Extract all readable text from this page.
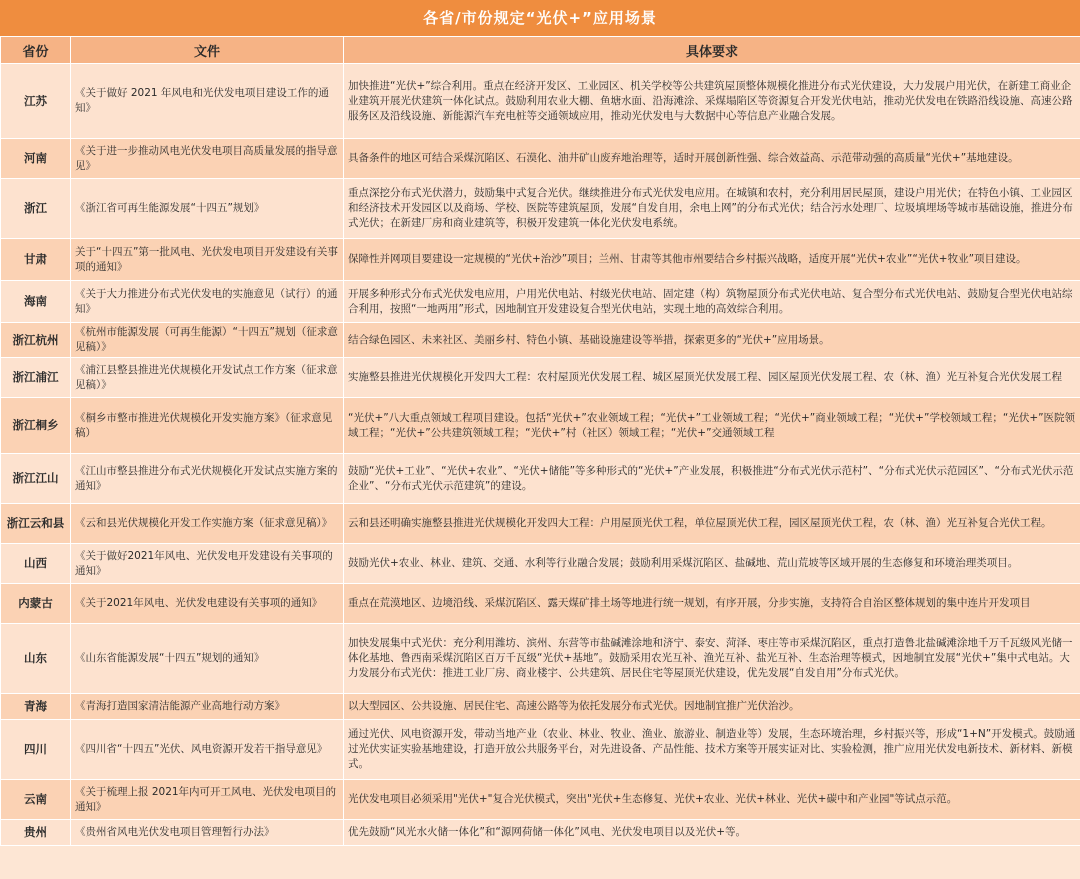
各省/市份规定“光伏+”应用场景
省份	文件	具体要求
江苏	《关于做好 2021 年风电和光伏发电项目建设工作的通知》	加快推进“光伏+”综合利用。重点在经济开发区、工业园区、机关学校等公共建筑屋顶整体规模化推进分布式光伏建设，大力发展户用光伏，在新建工商业企业建筑开展光伏建筑一体化试点。鼓励利用农业大棚、鱼塘水面、沿海滩涂、采煤塌陷区等资源复合开发光伏电站，推动光伏发电在铁路沿线设施、高速公路服务区及沿线设施、新能源汽车充电桩等交通领域应用，推动光伏发电与大数据中心等信息产业融合发展。
河南	《关于进一步推动风电光伏发电项目高质量发展的指导意见》	具备条件的地区可结合采煤沉陷区、石漠化、油井矿山废弃地治理等，适时开展创新性强、综合效益高、示范带动强的高质量“光伏+”基地建设。
浙江	《浙江省可再生能源发展“十四五”规划》	重点深挖分布式光伏潜力，鼓励集中式复合光伏。继续推进分布式光伏发电应用。在城镇和农村，充分利用居民屋顶，建设户用光伏；在特色小镇、工业园区和经济技术开发园区以及商场、学校、医院等建筑屋顶，发展“自发自用，余电上网”的分布式光伏；结合污水处理厂、垃圾填埋场等城市基础设施，推进分布式光伏；在新建厂房和商业建筑等，积极开发建筑一体化光伏发电系统。
甘肃	关于“十四五”第一批风电、光伏发电项目开发建设有关事项的通知》	保障性并网项目要建设一定规模的“光伏+治沙”项目；兰州、甘肃等其他市州要结合乡村振兴战略，适度开展“光伏+农业”“光伏+牧业”项目建设。
海南	《关于大力推进分布式光伏发电的实施意见（试行）的通知》	开展多种形式分布式光伏发电应用，户用光伏电站、村级光伏电站、固定建（构）筑物屋顶分布式光伏电站、复合型分布式光伏电站、鼓励复合型光伏电站综合利用，按照“一地两用”形式，因地制宜开发建设复合型光伏电站，实现土地的高效综合利用。
浙江杭州	《杭州市能源发展（可再生能源）“十四五”规划（征求意见稿）》	结合绿色园区、未来社区、美丽乡村、特色小镇、基础设施建设等举措，探索更多的“光伏+”应用场景。
浙江浦江	《浦江县整县推进光伏规模化开发试点工作方案（征求意见稿）》	实施整县推进光伏规模化开发四大工程：农村屋顶光伏发展工程、城区屋顶光伏发展工程、园区屋顶光伏发展工程、农（林、渔）光互补复合光伏发展工程
浙江桐乡	《桐乡市整市推进光伏规模化开发实施方案》（征求意见稿）	“光伏+”八大重点领域工程项目建设。包括“光伏+”农业领域工程；“光伏+”工业领域工程；“光伏+”商业领域工程；“光伏+”学校领域工程；“光伏+”医院领域工程；“光伏+”公共建筑领域工程；“光伏+”村（社区）领域工程；“光伏+”交通领域工程
浙江江山	《江山市整县推进分布式光伏规模化开发试点实施方案的通知》	鼓励“光伏+工业”、“光伏+农业”、“光伏+储能”等多种形式的“光伏+”产业发展，积极推进“分布式光伏示范村”、“分布式光伏示范园区”、“分布式光伏示范企业”、“分布式光伏示范建筑”的建设。
浙江云和县	《云和县光伏规模化开发工作实施方案（征求意见稿）》	云和县还明确实施整县推进光伏规模化开发四大工程：户用屋顶光伏工程，单位屋顶光伏工程，园区屋顶光伏工程，农（林、渔）光互补复合光伏工程。
山西	《关于做好2021年风电、光伏发电开发建设有关事项的通知》	鼓励光伏+农业、林业、建筑、交通、水利等行业融合发展；鼓励利用采煤沉陷区、盐碱地、荒山荒坡等区域开展的生态修复和环境治理类项目。
内蒙古	《关于2021年风电、光伏发电建设有关事项的通知》	重点在荒漠地区、边境沿线、采煤沉陷区、露天煤矿排土场等地进行统一规划，有序开展，分步实施，支持符合自治区整体规划的集中连片开发项目
山东	《山东省能源发展“十四五”规划的通知》	加快发展集中式光伏：充分利用潍坊、滨州、东营等市盐碱滩涂地和济宁、泰安、菏泽、枣庄等市采煤沉陷区，重点打造鲁北盐碱滩涂地千万千瓦级风光储一体化基地、鲁西南采煤沉陷区百万千瓦级“光伏+基地”。鼓励采用农光互补、渔光互补、盐光互补、生态治理等模式，因地制宜发展“光伏+”集中式电站。大力发展分布式光伏：推进工业厂房、商业楼宇、公共建筑、居民住宅等屋顶光伏建设，优先发展“自发自用”分布式光伏。
青海	《青海打造国家清洁能源产业高地行动方案》	以大型园区、公共设施、居民住宅、高速公路等为依托发展分布式光伏。因地制宜推广光伏治沙。
四川	《四川省“十四五”光伏、风电资源开发若干指导意见》	通过光伏、风电资源开发，带动当地产业（农业、林业、牧业、渔业、旅游业、制造业等）发展，生态环境治理，乡村振兴等，形成“1+N”开发模式。鼓励通过光伏实证实验基地建设，打造开放公共服务平台，对先进设备、产品性能、技术方案等开展实证对比、实验检测，推广应用光伏发电新技术、新材料、新模式。
云南	《关于梳理上报 2021年内可开工风电、光伏发电项目的通知》	光伏发电项目必须采用"光伏+"复合光伏模式，突出"光伏+生态修复、光伏+农业、光伏+林业、光伏+碳中和产业园"等试点示范。
贵州	《贵州省风电光伏发电项目管理暂行办法》	优先鼓励“风光水火储一体化”和“源网荷储一体化”风电、光伏发电项目以及光伏+等。
